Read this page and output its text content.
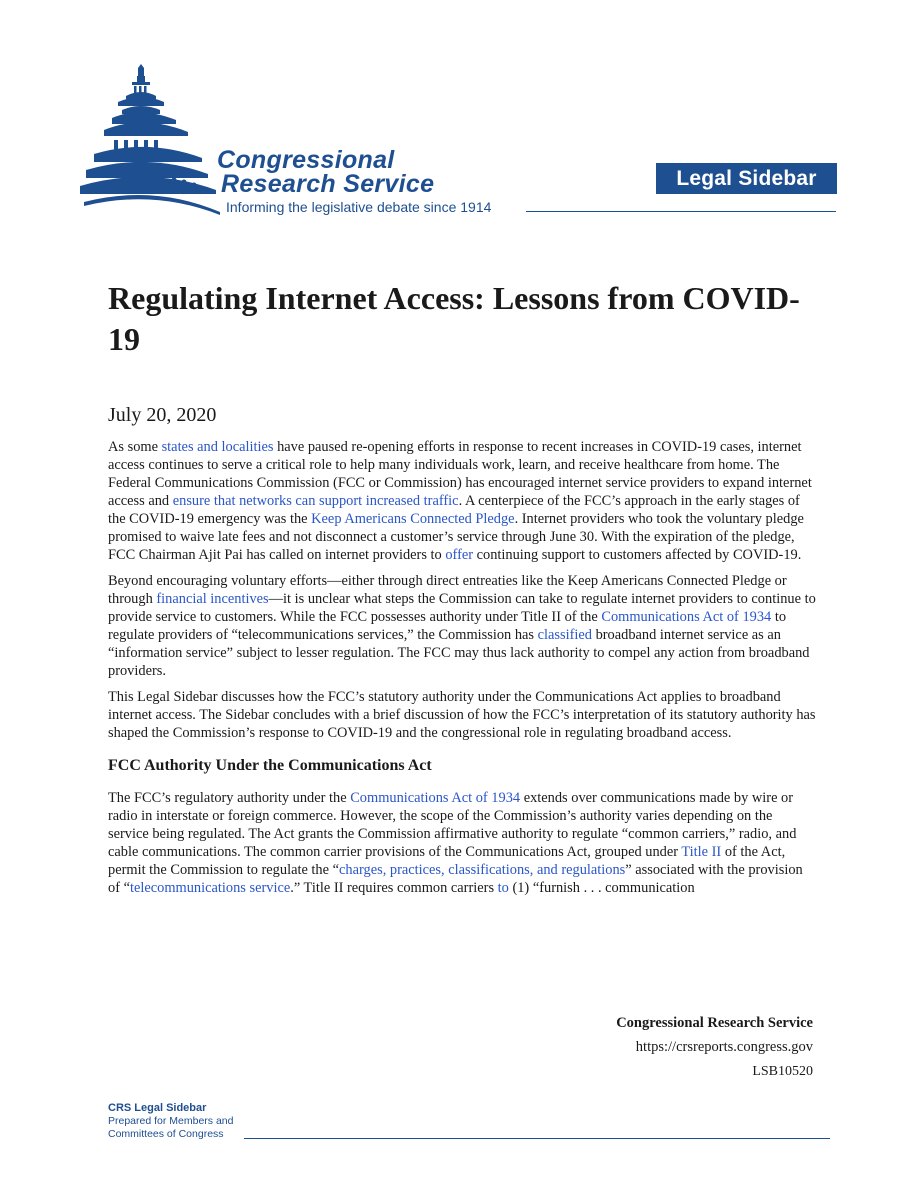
Congressional
Research Service
Informing the legislative debate since 1914
Legal Sidebar
Regulating Internet Access: Lessons from COVID-19
July 20, 2020

As some states and localities have paused re-opening efforts in response to recent increases in COVID-19 cases, internet access continues to serve a critical role to help many individuals work, learn, and receive healthcare from home. The Federal Communications Commission (FCC or Commission) has encouraged internet service providers to expand internet access and ensure that networks can support increased traffic. A centerpiece of the FCC’s approach in the early stages of the COVID-19 emergency was the Keep Americans Connected Pledge. Internet providers who took the voluntary pledge promised to waive late fees and not disconnect a customer’s service through June 30. With the expiration of the pledge, FCC Chairman Ajit Pai has called on internet providers to offer continuing support to customers affected by COVID-19.

Beyond encouraging voluntary efforts—either through direct entreaties like the Keep Americans Connected Pledge or through financial incentives—it is unclear what steps the Commission can take to regulate internet providers to continue to provide service to customers. While the FCC possesses authority under Title II of the Communications Act of 1934 to regulate providers of “telecommunications services,” the Commission has classified broadband internet service as an “information service” subject to lesser regulation. The FCC may thus lack authority to compel any action from broadband providers.

This Legal Sidebar discusses how the FCC’s statutory authority under the Communications Act applies to broadband internet access. The Sidebar concludes with a brief discussion of how the FCC’s interpretation of its statutory authority has shaped the Commission’s response to COVID-19 and the congressional role in regulating broadband access.

FCC Authority Under the Communications Act

The FCC’s regulatory authority under the Communications Act of 1934 extends over communications made by wire or radio in interstate or foreign commerce. However, the scope of the Commission’s authority varies depending on the service being regulated. The Act grants the Commission affirmative authority to regulate “common carriers,” radio, and cable communications. The common carrier provisions of the Communications Act, grouped under Title II of the Act, permit the Commission to regulate the “charges, practices, classifications, and regulations” associated with the provision of “telecommunications service.” Title II requires common carriers to (1) “furnish . . . communication

Congressional Research Service
https://crsreports.congress.gov
LSB10520
CRS Legal Sidebar
Prepared for Members and
Committees of Congress
